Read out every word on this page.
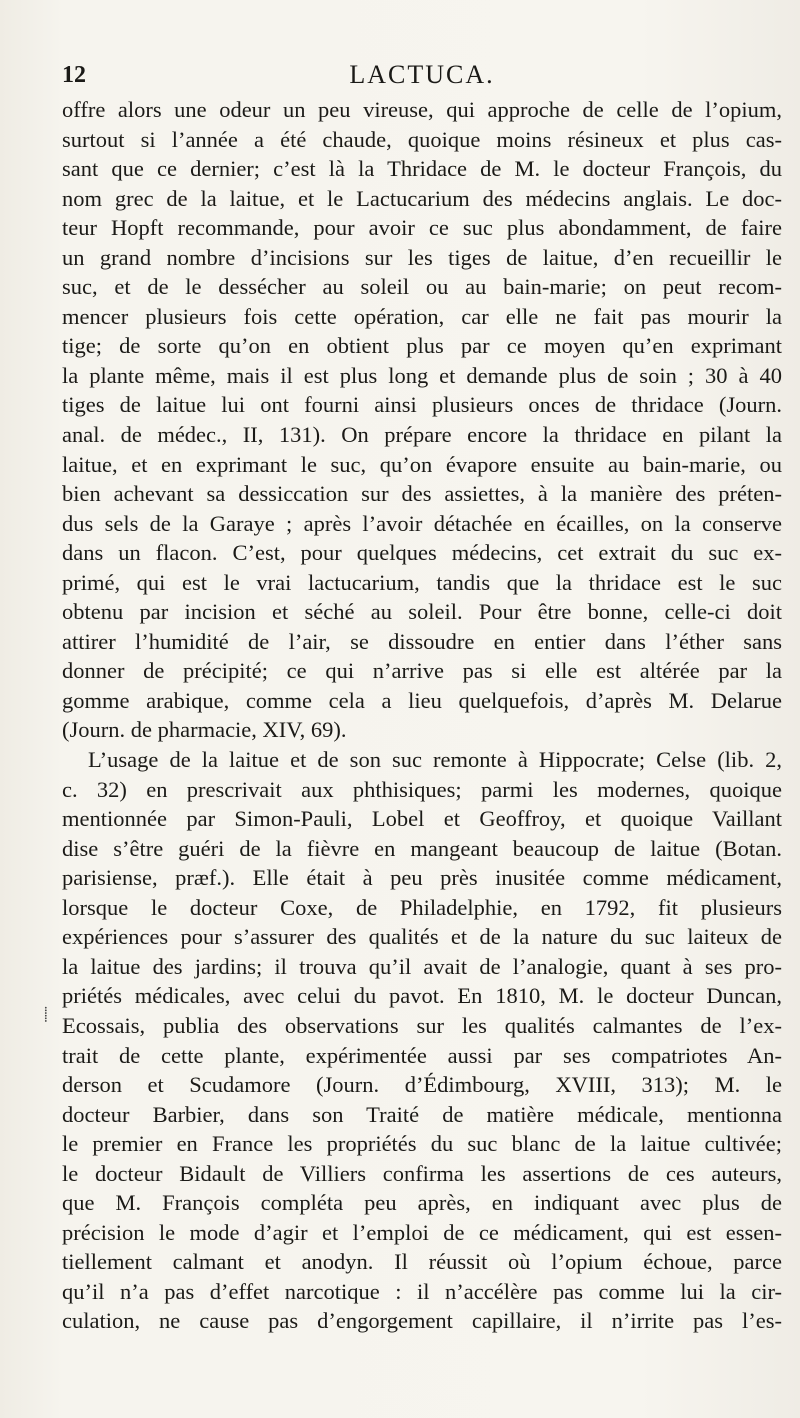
12	LACTUCA.
offre alors une odeur un peu vireuse, qui approche de celle de l’opium,
surtout si l’année a été chaude, quoique moins résineux et plus cas-
sant que ce dernier; c’est là la Thridace de M. le docteur François, du
nom grec de la laitue, et le Lactucarium des médecins anglais. Le doc-
teur Hopft recommande, pour avoir ce suc plus abondamment, de faire
un grand nombre d’incisions sur les tiges de laitue, d’en recueillir le
suc, et de le dessécher au soleil ou au bain-marie; on peut recom-
mencer plusieurs fois cette opération, car elle ne fait pas mourir la
tige; de sorte qu’on en obtient plus par ce moyen qu’en exprimant
la plante même, mais il est plus long et demande plus de soin ; 30 à 40
tiges de laitue lui ont fourni ainsi plusieurs onces de thridace (Journ.
anal. de médec., II, 131). On prépare encore la thridace en pilant la
laitue, et en exprimant le suc, qu’on évapore ensuite au bain-marie, ou
bien achevant sa dessiccation sur des assiettes, à la manière des préten-
dus sels de la Garaye ; après l’avoir détachée en écailles, on la conserve
dans un flacon. C’est, pour quelques médecins, cet extrait du suc ex-
primé, qui est le vrai lactucarium, tandis que la thridace est le suc
obtenu par incision et séché au soleil. Pour être bonne, celle-ci doit
attirer l’humidité de l’air, se dissoudre en entier dans l’éther sans
donner de précipité; ce qui n’arrive pas si elle est altérée par la
gomme arabique, comme cela a lieu quelquefois, d’après M. Delarue
(Journ. de pharmacie, XIV, 69).
L’usage de la laitue et de son suc remonte à Hippocrate; Celse (lib. 2,
c. 32) en prescrivait aux phthisiques; parmi les modernes, quoique
mentionnée par Simon-Pauli, Lobel et Geoffroy, et quoique Vaillant
dise s’être guéri de la fièvre en mangeant beaucoup de laitue (Botan.
parisiense, præf.). Elle était à peu près inusitée comme médicament,
lorsque le docteur Coxe, de Philadelphie, en 1792, fit plusieurs
expériences pour s’assurer des qualités et de la nature du suc laiteux de
la laitue des jardins; il trouva qu’il avait de l’analogie, quant à ses pro-
priétés médicales, avec celui du pavot. En 1810, M. le docteur Duncan,
Ecossais, publia des observations sur les qualités calmantes de l’ex-
trait de cette plante, expérimentée aussi par ses compatriotes An-
derson et Scudamore (Journ. d’Édimbourg, XVIII, 313); M. le
docteur Barbier, dans son Traité de matière médicale, mentionna
le premier en France les propriétés du suc blanc de la laitue cultivée;
le docteur Bidault de Villiers confirma les assertions de ces auteurs,
que M. François compléta peu après, en indiquant avec plus de
précision le mode d’agir et l’emploi de ce médicament, qui est essen-
tiellement calmant et anodyn. Il réussit où l’opium échoue, parce
qu’il n’a pas d’effet narcotique : il n’accélère pas comme lui la cir-
culation, ne cause pas d’engorgement capillaire, il n’irrite pas l’es-
⸽
